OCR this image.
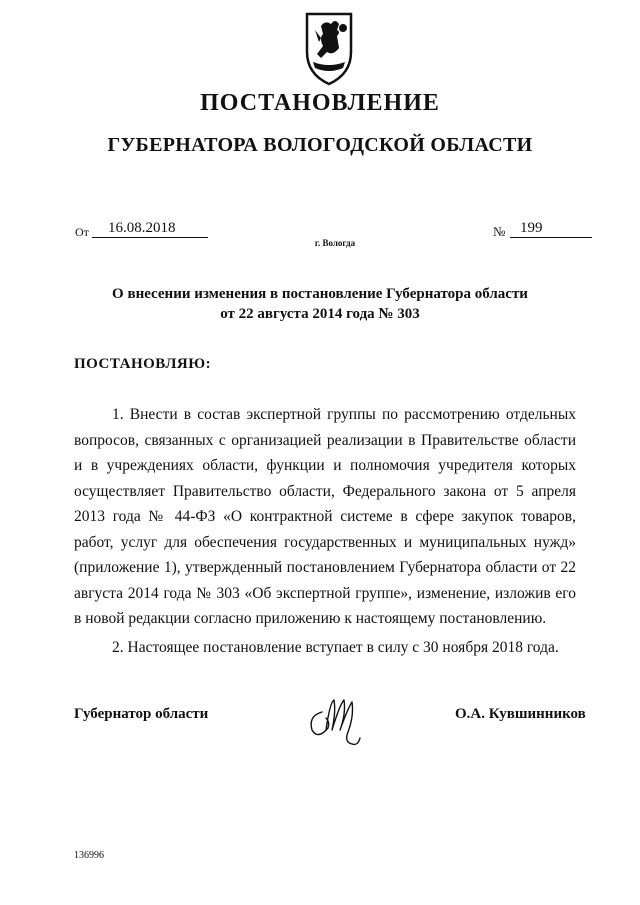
ПОСТАНОВЛЕНИЕ
ГУБЕРНАТОРА ВОЛОГОДСКОЙ ОБЛАСТИ
От 16.08.2018	№ 199
г. Вологда
О внесении изменения в постановление Губернатора области
от 22 августа 2014 года № 303
ПОСТАНОВЛЯЮ:

1. Внести в состав экспертной группы по рассмотрению отдельных вопросов, связанных с организацией реализации в Правительстве области и в учреждениях области, функции и полномочия учредителя которых осуществляет Правительство области, Федерального закона от 5 апреля 2013 года № 44-ФЗ «О контрактной системе в сфере закупок товаров, работ, услуг для обеспечения государственных и муниципальных нужд» (приложение 1), утвержденный постановлением Губернатора области от 22 августа 2014 года № 303 «Об экспертной группе», изменение, изложив его в новой редакции согласно приложению к настоящему постановлению.

2. Настоящее постановление вступает в силу с 30 ноября 2018 года.

Губернатор области	О.А. Кувшинников
136996
